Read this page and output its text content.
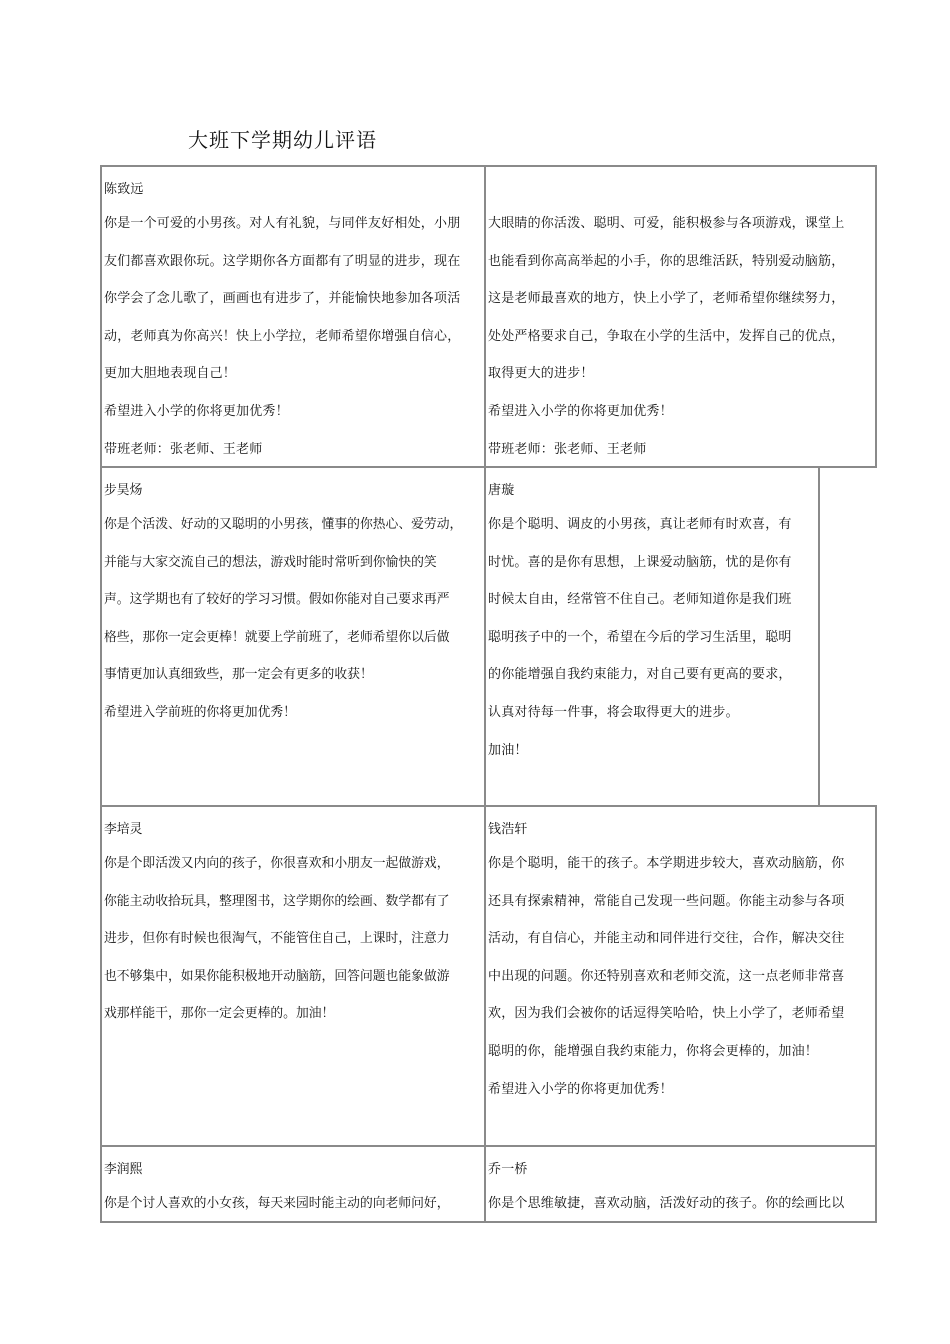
大班下学期幼儿评语
陈致远
你是一个可爱的小男孩。对人有礼貌，与同伴友好相处，小朋
友们都喜欢跟你玩。这学期你各方面都有了明显的进步，现在
你学会了念儿歌了，画画也有进步了，并能愉快地参加各项活
动，老师真为你高兴！快上小学拉，老师希望你增强自信心，
更加大胆地表现自己！
希望进入小学的你将更加优秀！
带班老师：张老师、王老师
大眼睛的你活泼、聪明、可爱，能积极参与各项游戏，课堂上
也能看到你高高举起的小手，你的思维活跃，特别爱动脑筋，
这是老师最喜欢的地方，快上小学了，老师希望你继续努力，
处处严格要求自己，争取在小学的生活中，发挥自己的优点，
取得更大的进步！
希望进入小学的你将更加优秀！
带班老师：张老师、王老师
步昊炀
你是个活泼、好动的又聪明的小男孩，懂事的你热心、爱劳动，
并能与大家交流自己的想法，游戏时能时常听到你愉快的笑
声。这学期也有了较好的学习习惯。假如你能对自己要求再严
格些，那你一定会更棒！就要上学前班了，老师希望你以后做
事情更加认真细致些，那一定会有更多的收获！
希望进入学前班的你将更加优秀！
唐璇
你是个聪明、调皮的小男孩，真让老师有时欢喜，有
时忧。喜的是你有思想，上课爱动脑筋，忧的是你有
时候太自由，经常管不住自己。老师知道你是我们班
聪明孩子中的一个，希望在今后的学习生活里，聪明
的你能增强自我约束能力，对自己要有更高的要求，
认真对待每一件事，将会取得更大的进步。
加油！
李培灵
你是个即活泼又内向的孩子，你很喜欢和小朋友一起做游戏，
你能主动收拾玩具，整理图书，这学期你的绘画、数学都有了
进步，但你有时候也很淘气，不能管住自己，上课时，注意力
也不够集中，如果你能积极地开动脑筋，回答问题也能象做游
戏那样能干，那你一定会更棒的。加油！
钱浩轩
你是个聪明，能干的孩子。本学期进步较大，喜欢动脑筋，你
还具有探索精神，常能自己发现一些问题。你能主动参与各项
活动，有自信心，并能主动和同伴进行交往，合作，解决交往
中出现的问题。你还特别喜欢和老师交流，这一点老师非常喜
欢，因为我们会被你的话逗得笑哈哈，快上小学了，老师希望
聪明的你，能增强自我约束能力，你将会更棒的，加油！
希望进入小学的你将更加优秀！
李润熙
你是个讨人喜欢的小女孩，每天来园时能主动的向老师问好，
乔一桥
你是个思维敏捷，喜欢动脑，活泼好动的孩子。你的绘画比以
